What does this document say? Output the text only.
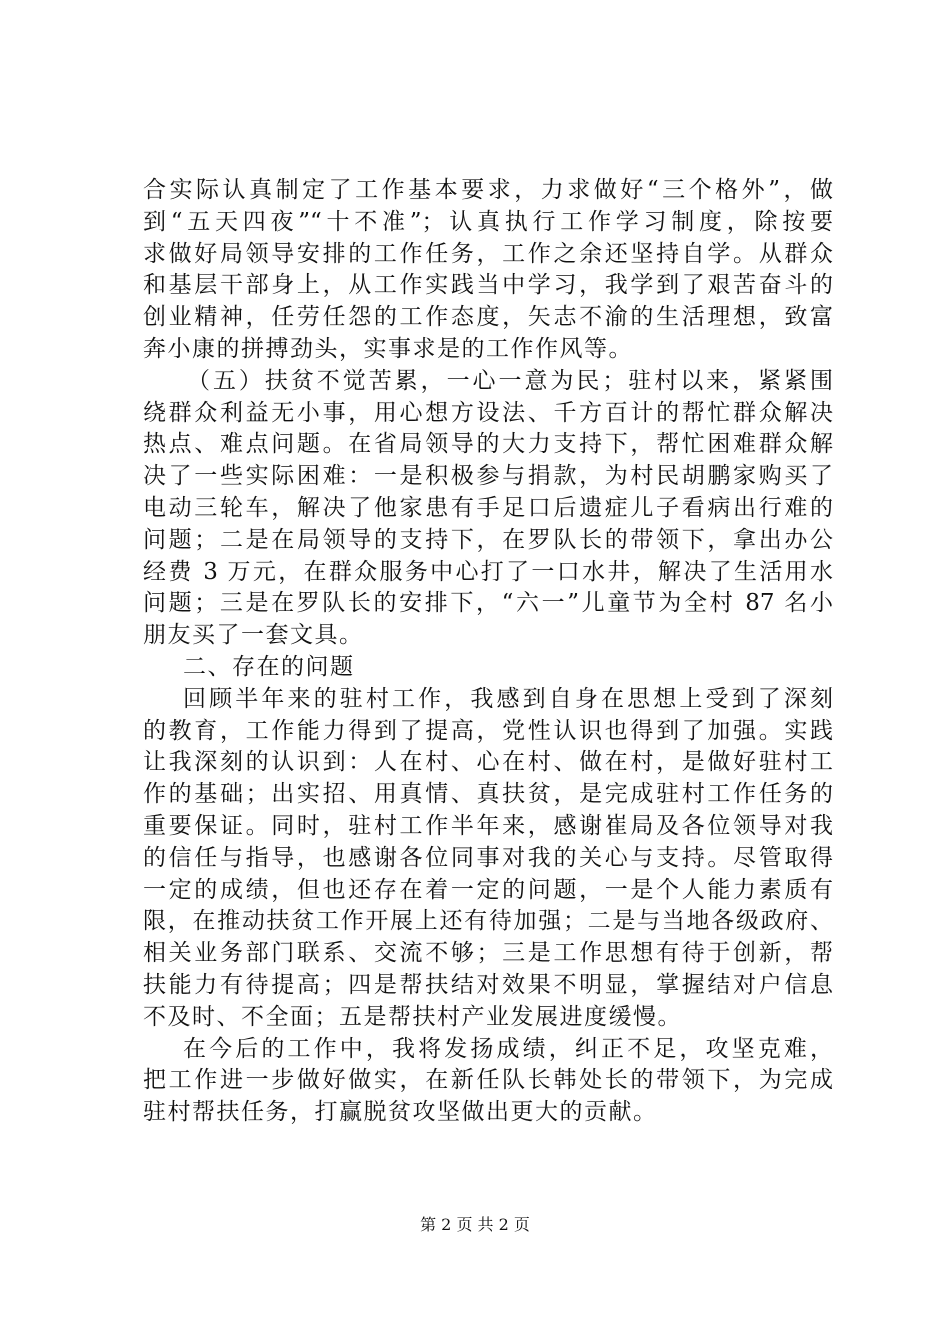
合实际认真制定了工作基本要求，力求做好“三个格外”，做
到“五天四夜”“十不准”；认真执行工作学习制度，除按要
求做好局领导安排的工作任务，工作之余还坚持自学。从群众
和基层干部身上，从工作实践当中学习，我学到了艰苦奋斗的
创业精神，任劳任怨的工作态度，矢志不渝的生活理想，致富
奔小康的拼搏劲头，实事求是的工作作风等。
（五）扶贫不觉苦累，一心一意为民；驻村以来，紧紧围
绕群众利益无小事，用心想方设法、千方百计的帮忙群众解决
热点、难点问题。在省局领导的大力支持下，帮忙困难群众解
决了一些实际困难：一是积极参与捐款，为村民胡鹏家购买了
电动三轮车，解决了他家患有手足口后遗症儿子看病出行难的
问题；二是在局领导的支持下，在罗队长的带领下，拿出办公
经费 3 万元，在群众服务中心打了一口水井，解决了生活用水
问题；三是在罗队长的安排下，“六一”儿童节为全村 87 名小
朋友买了一套文具。
二、存在的问题
回顾半年来的驻村工作，我感到自身在思想上受到了深刻
的教育，工作能力得到了提高，党性认识也得到了加强。实践
让我深刻的认识到：人在村、心在村、做在村，是做好驻村工
作的基础；出实招、用真情、真扶贫，是完成驻村工作任务的
重要保证。同时，驻村工作半年来，感谢崔局及各位领导对我
的信任与指导，也感谢各位同事对我的关心与支持。尽管取得
一定的成绩，但也还存在着一定的问题，一是个人能力素质有
限，在推动扶贫工作开展上还有待加强；二是与当地各级政府、
相关业务部门联系、交流不够；三是工作思想有待于创新，帮
扶能力有待提高；四是帮扶结对效果不明显，掌握结对户信息
不及时、不全面；五是帮扶村产业发展进度缓慢。
在今后的工作中，我将发扬成绩，纠正不足，攻坚克难，
把工作进一步做好做实，在新任队长韩处长的带领下，为完成
驻村帮扶任务，打赢脱贫攻坚做出更大的贡献。
第 2 页 共 2 页
